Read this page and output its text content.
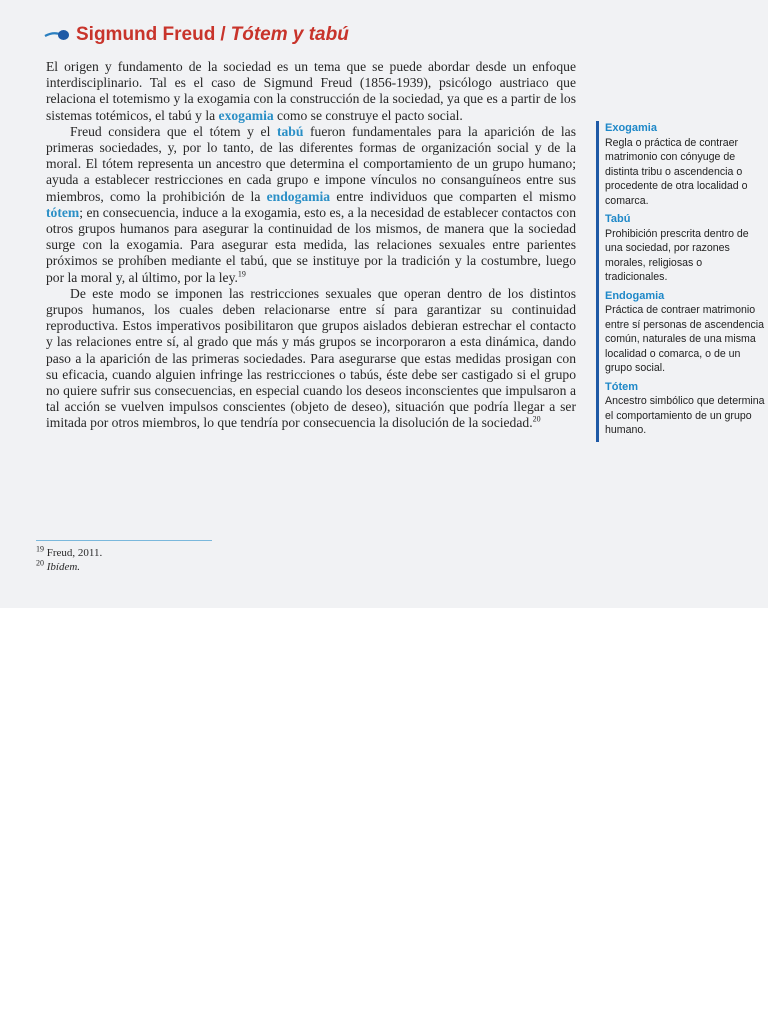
Sigmund Freud / Tótem y tabú

El origen y fundamento de la sociedad es un tema que se puede abordar desde un enfoque interdisciplinario. Tal es el caso de Sigmund Freud (1856-1939), psicólogo austriaco que relaciona el totemismo y la exogamia con la construcción de la sociedad, ya que es a partir de los sistemas totémicos, el tabú y la exogamia como se construye el pacto social.

Freud considera que el tótem y el tabú fueron fundamentales para la aparición de las primeras sociedades, y, por lo tanto, de las diferentes formas de organización social y de la moral. El tótem representa un ancestro que determina el comportamiento de un grupo humano; ayuda a establecer restricciones en cada grupo e impone vínculos no consanguíneos entre sus miembros, como la prohibición de la endogamia entre individuos que comparten el mismo tótem; en consecuencia, induce a la exogamia, esto es, a la necesidad de establecer contactos con otros grupos humanos para asegurar la continuidad de los mismos, de manera que la sociedad surge con la exogamia. Para asegurar esta medida, las relaciones sexuales entre parientes próximos se prohíben mediante el tabú, que se instituye por la tradición y la costumbre, luego por la moral y, al último, por la ley.$^{19}$

De este modo se imponen las restricciones sexuales que operan dentro de los distintos grupos humanos, los cuales deben relacionarse entre sí para garantizar su continuidad reproductiva. Estos imperativos posibilitaron que grupos aislados debieran estrechar el contacto y las relaciones entre sí, al grado que más y más grupos se incorporaron a esta dinámica, dando paso a la aparición de las primeras sociedades. Para asegurarse que estas medidas prosigan con su eficacia, cuando alguien infringe las restricciones o tabús, éste debe ser castigado si el grupo no quiere sufrir sus consecuencias, en especial cuando los deseos inconscientes que impulsaron a tal acción se vuelven impulsos conscientes (objeto de deseo), situación que podría llegar a ser imitada por otros miembros, lo que tendría por consecuencia la disolución de la sociedad.$^{20}$

$^{19}$ Freud, 2011.
$^{20}$ Ibídem.
Exogamia

Regla o práctica de contraer matrimonio con cónyuge de distinta tribu o ascendencia o procedente de otra localidad o comarca.

Tabú

Prohibición prescrita dentro de una sociedad, por razones morales, religiosas o tradicionales.

Endogamia

Práctica de contraer matrimonio entre sí personas de ascendencia común, naturales de una misma localidad o comarca, o de un grupo social.

Tótem

Ancestro simbólico que determina el comportamiento de un grupo humano.
